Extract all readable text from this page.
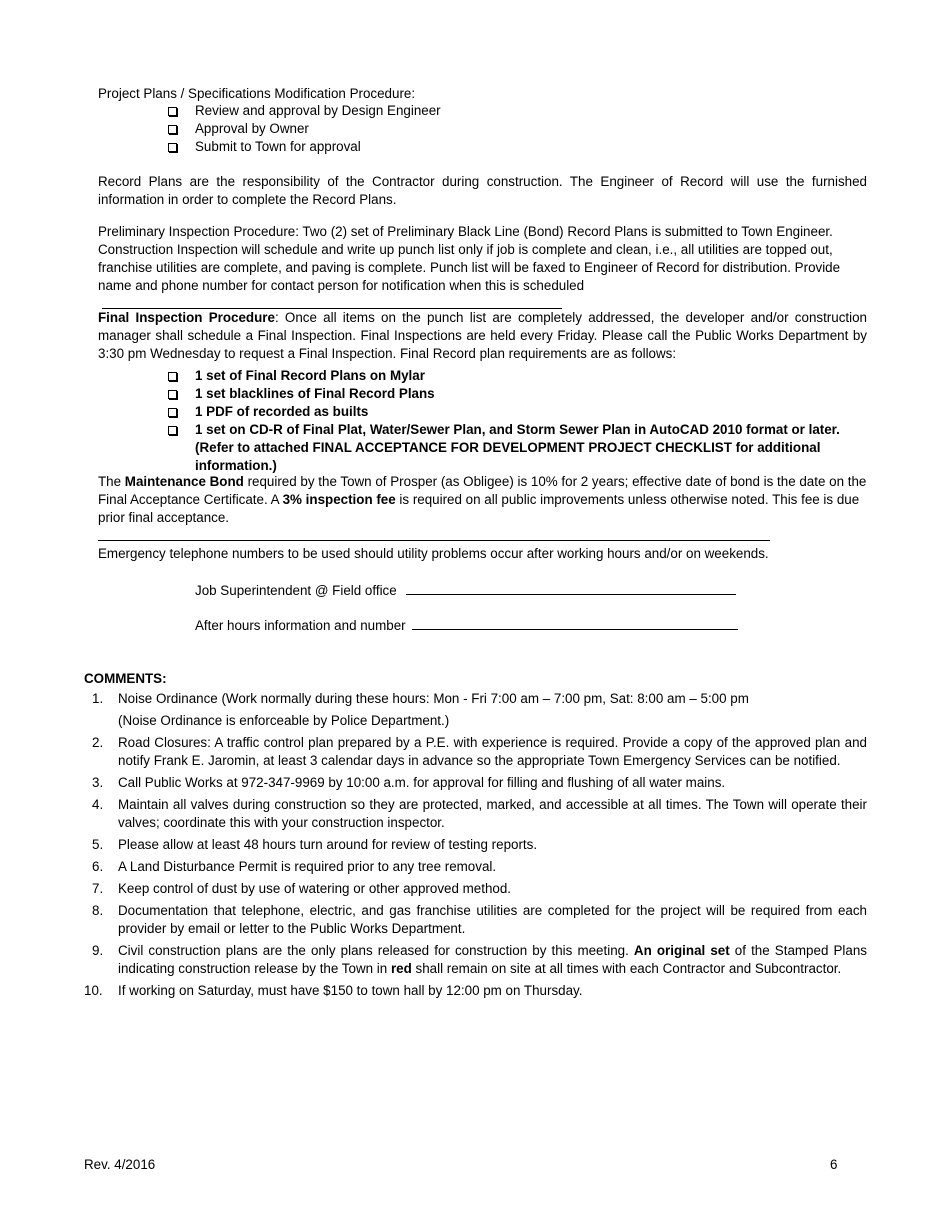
Project Plans / Specifications Modification Procedure:

Review and approval by Design Engineer
Approval by Owner
Submit to Town for approval

Record Plans are the responsibility of the Contractor during construction. The Engineer of Record will use the furnished information in order to complete the Record Plans.

Preliminary Inspection Procedure: Two (2) set of Preliminary Black Line (Bond) Record Plans is submitted to Town Engineer. Construction Inspection will schedule and write up punch list only if job is complete and clean, i.e., all utilities are topped out, franchise utilities are complete, and paving is complete. Punch list will be faxed to Engineer of Record for distribution. Provide name and phone number for contact person for notification when this is scheduled

Final Inspection Procedure: Once all items on the punch list are completely addressed, the developer and/or construction manager shall schedule a Final Inspection. Final Inspections are held every Friday. Please call the Public Works Department by 3:30 pm Wednesday to request a Final Inspection. Final Record plan requirements are as follows:

1 set of Final Record Plans on Mylar
1 set blacklines of Final Record Plans
1 PDF of recorded as builts
1 set on CD-R of Final Plat, Water/Sewer Plan, and Storm Sewer Plan in AutoCAD 2010 format or later. (Refer to attached FINAL ACCEPTANCE FOR DEVELOPMENT PROJECT CHECKLIST for additional information.)

The Maintenance Bond required by the Town of Prosper (as Obligee) is 10% for 2 years; effective date of bond is the date on the Final Acceptance Certificate. A 3% inspection fee is required on all public improvements unless otherwise noted. This fee is due prior final acceptance.

Emergency telephone numbers to be used should utility problems occur after working hours and/or on weekends.

Job Superintendent @ Field office

After hours information and number

COMMENTS:

1. Noise Ordinance (Work normally during these hours: Mon - Fri 7:00 am – 7:00 pm, Sat: 8:00 am – 5:00 pm
(Noise Ordinance is enforceable by Police Department.)
2. Road Closures: A traffic control plan prepared by a P.E. with experience is required. Provide a copy of the approved plan and notify Frank E. Jaromin, at least 3 calendar days in advance so the appropriate Town Emergency Services can be notified.
3. Call Public Works at 972-347-9969 by 10:00 a.m. for approval for filling and flushing of all water mains.
4. Maintain all valves during construction so they are protected, marked, and accessible at all times. The Town will operate their valves; coordinate this with your construction inspector.
5. Please allow at least 48 hours turn around for review of testing reports.
6. A Land Disturbance Permit is required prior to any tree removal.
7. Keep control of dust by use of watering or other approved method.
8. Documentation that telephone, electric, and gas franchise utilities are completed for the project will be required from each provider by email or letter to the Public Works Department.
9. Civil construction plans are the only plans released for construction by this meeting. An original set of the Stamped Plans indicating construction release by the Town in red shall remain on site at all times with each Contractor and Subcontractor.
10. If working on Saturday, must have $150 to town hall by 12:00 pm on Thursday.

Rev. 4/2016	6
